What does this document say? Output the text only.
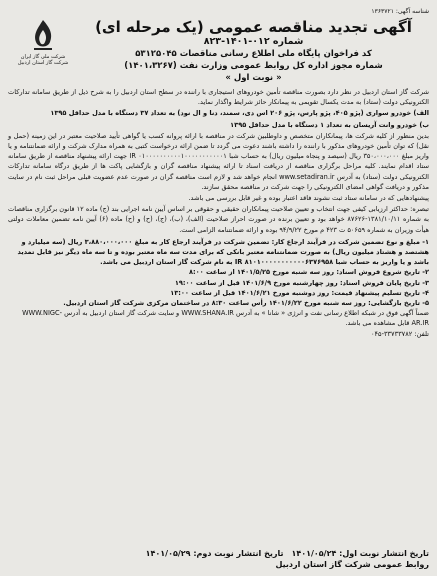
شناسه آگهی: ۱۳۶۳۷۲۱
آگهی تجدید مناقصه عمومی (یک مرحله ای)
شماره ۰۱۲-۱۴۰۱-۸۲۳
کد فراخوان پایگاه ملی اطلاع رسانی مناقصات ۵۳۱۲۵۰۴۵
شماره مجوز اداره کل روابط عمومی وزارت نفت (۱۴۰۱،۳۲۶۷)
« نوبت اول »
شرکت ملی گاز ایران
شرکت گاز استان اردبیل

شرکت گاز استان اردبیل در نظر دارد بصورت مناقصه تأمین خودروهای استیجاری با راننده در سطح استان اردبیل را به شرح ذیل از طریق سامانه تدارکات الکترونیکی دولت (ستاد) به مدت یکسال تقویمی به پیمانکار حائز شرایط واگذار نماید.

الف) خودرو سواری (پژو ۴۰۵، پژو پارس، پژو ۲۰۶ اس دی، سمند، دنا و ال نود) به تعداد ۳۷ دستگاه با مدل حداقل ۱۳۹۵

ب) خودرو وانت آریسان به تعداد ۱ دستگاه با مدل حداقل ۱۳۹۵

بدین منظور از کلیه شرکت ها، پیمانکاران متخصص و داوطلبین شرکت در مناقصه با ارائه پروانه کسب یا گواهی تأیید صلاحیت معتبر در این زمینه (حمل و نقل) که توان تأمین خودروهای مذکور با راننده را داشته باشند دعوت می گردد تا ضمن ارائه درخواست کتبی به همراه مدارک شرکت و ارائه ضمانتنامه و یا واریز مبلغ ۳۵۰،۰۰۰،۰۰۰ ریال (سیصد و پنجاه میلیون ریال) به حساب شبا IR ۰۱۰۰۰۰۰۰۰۰۰۰۱۰۰۰۰۰۰۰۰۰۰۰۱ جهت ارائه پیشنهاد مناقصه از طریق سامانه ستاد اقدام نمایند. کلیه مراحل برگزاری مناقصه از دریافت اسناد تا ارائه پیشنهاد مناقصه گران و بازگشایی پاکت ها از طریق درگاه سامانه تدارکات الکترونیکی دولت (ستاد) به آدرس www.setadiran.ir انجام خواهد شد و لازم است مناقصه گران در صورت عدم عضویت قبلی مراحل ثبت نام در سایت مذکور و دریافت گواهی امضای الکترونیکی را جهت شرکت در مناقصه محقق سازند.

پیشنهادهایی که در سامانه ستاد ثبت نشوند فاقد اعتبار بوده و غیر قابل بررسی می باشد.

تبصره: حداکثر ارزیابی کیفی جهت انتخاب و تعیین صلاحیت پیمانکاران حقیقی و حقوقی بر اساس آیین نامه اجرایی بند (ج) ماده ۱۲ قانون برگزاری مناقصات به شماره ۱۳۸۱/۱۰/۱۱-۸۷۶۲۶ خواهد بود و تعیین برنده در صورت احراز صلاحیت (الف)، (ب)، (ج)، (ح) و (ح) ماده (۶) آیین نامه تضمین معاملات دولتی هیأت وزیران به شماره ۵۰۶۵۹ ت ۴۲۳ م مورخ ۹۴/۹/۲۲ بوده و ارائه ضمانتنامه الزامی است.

۱- مبلغ و نوع تضمین شرکت در فرآیند ارجاع کار: تضمین شرکت در فرآیند ارجاع کار به مبلغ ۳،۸۸۰،۰۰۰،۰۰۰ ریال (سه میلیارد و هشتصد و هشتاد میلیون ریال) به صورت ضمانتنامه معتبر بانکی که برای مدت سه ماه معتبر بوده و تا سه ماه دیگر نیز قابل تمدید باشد و یا واریز به حساب شبا IR ۸۱۰۱۰۰۰۰۰۰۰۰۰۰۰۶۳۷۶۹۵۸ به نام شرکت گاز استان اردبیل می باشد.
۲- تاریخ شروع فروش اسناد: روز سه شنبه مورخ ۱۴۰۱/۵/۲۵ از ساعت ۸:۰۰
۳- تاریخ پایان فروش اسناد: روز چهارشنبه مورخ ۱۴۰۱/۶/۹ قبل از ساعت ۱۹:۰۰
۴- تاریخ تسلیم پیشنهاد قیمت: روز دوشنبه مورخ ۱۴۰۱/۶/۲۱ قبل از ساعت ۱۳:۰۰
۵- تاریخ بازگشایی: روز سه شنبه مورخ ۱۴۰۱/۶/۲۲ رأس ساعت ۸:۳۰ در ساختمان مرکزی شرکت گاز استان اردبیل.
ضمناً آگهی فوق در شبکه اطلاع رسانی نفت و انرژی « شانا » به آدرس WWW.SHANA.IR و سایت شرکت گاز استان اردبیل به آدرس WWW.NIGC-AR.IR قابل مشاهده می باشد.
تلفن: ۳۳۷۳۳۷۸۲-۰۴۵
تاریخ انتشار نوبت اول: ۱۴۰۱/۰۵/۲۴
تاریخ انتشار نوبت دوم: ۱۴۰۱/۰۵/۲۹
روابط عمومی شرکت گاز استان اردبیل
